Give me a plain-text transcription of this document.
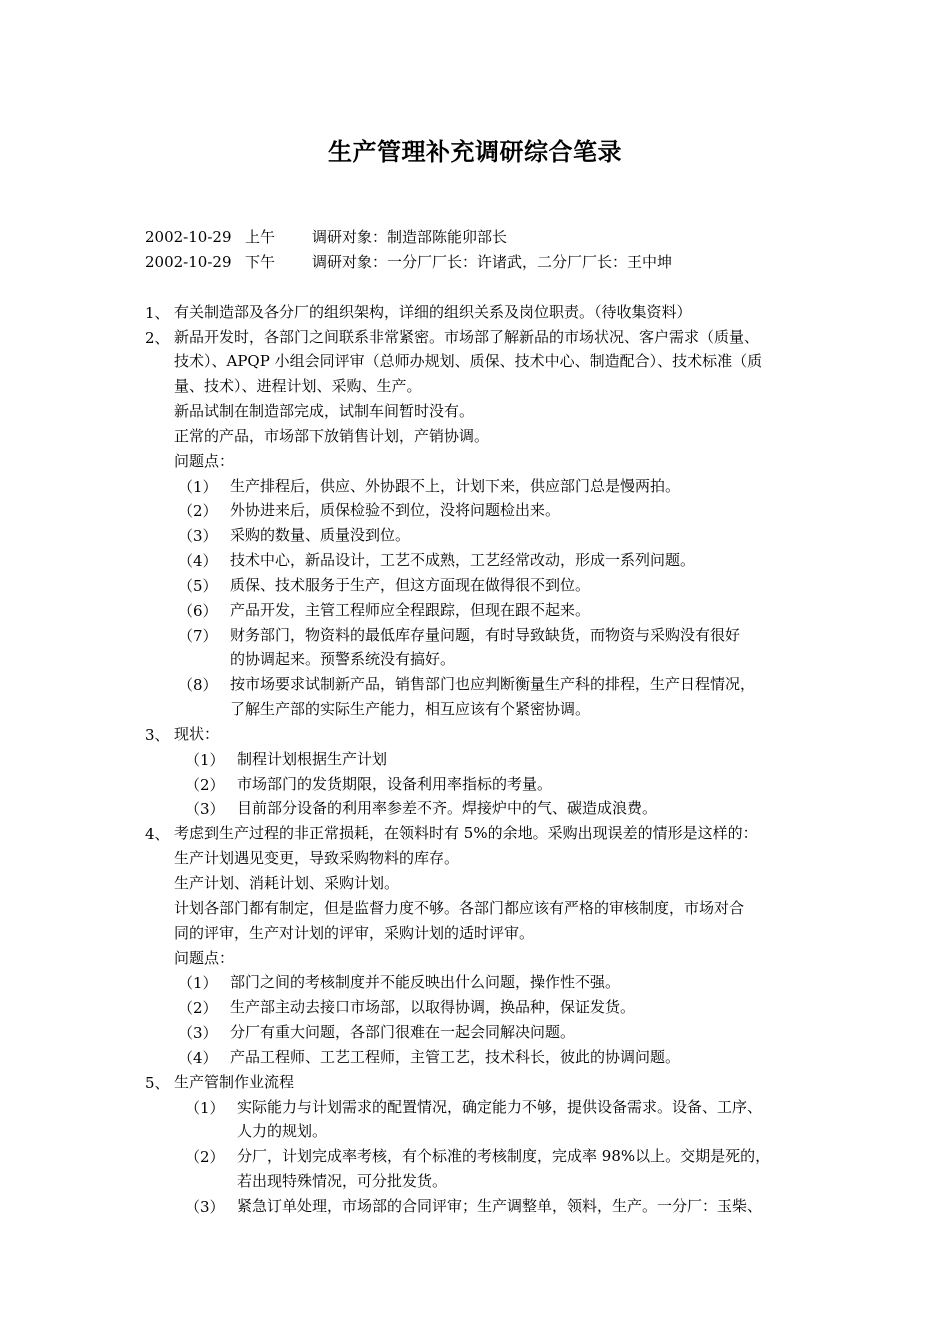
生产管理补充调研综合笔录
2002-10-29 上午 调研对象：制造部陈能卯部长
2002-10-29 下午 调研对象：一分厂厂长：许诸武，二分厂厂长：王中坤
1、 有关制造部及各分厂的组织架构，详细的组织关系及岗位职责。（待收集资料）
2、 新品开发时，各部门之间联系非常紧密。市场部了解新品的市场状况、客户需求（质量、
技术）、APQP 小组会同评审（总师办规划、质保、技术中心、制造配合）、技术标准（质
量、技术）、进程计划、采购、生产。
新品试制在制造部完成，试制车间暂时没有。
正常的产品，市场部下放销售计划，产销协调。
问题点：
（1） 生产排程后，供应、外协跟不上，计划下来，供应部门总是慢两拍。
（2） 外协进来后，质保检验不到位，没将问题检出来。
（3） 采购的数量、质量没到位。
（4） 技术中心，新品设计，工艺不成熟，工艺经常改动，形成一系列问题。
（5） 质保、技术服务于生产，但这方面现在做得很不到位。
（6） 产品开发，主管工程师应全程跟踪，但现在跟不起来。
（7） 财务部门，物资料的最低库存量问题，有时导致缺货，而物资与采购没有很好
的协调起来。预警系统没有搞好。
（8） 按市场要求试制新产品，销售部门也应判断衡量生产科的排程，生产日程情况，
了解生产部的实际生产能力，相互应该有个紧密协调。
3、 现状：
（1） 制程计划根据生产计划
（2） 市场部门的发货期限，设备利用率指标的考量。
（3） 目前部分设备的利用率参差不齐。焊接炉中的气、碳造成浪费。
4、 考虑到生产过程的非正常损耗，在领料时有 5%的余地。采购出现误差的情形是这样的：
生产计划遇见变更，导致采购物料的库存。
生产计划、消耗计划、采购计划。
计划各部门都有制定，但是监督力度不够。各部门都应该有严格的审核制度，市场对合
同的评审，生产对计划的评审，采购计划的适时评审。
问题点：
（1） 部门之间的考核制度并不能反映出什么问题，操作性不强。
（2） 生产部主动去接口市场部，以取得协调，换品种，保证发货。
（3） 分厂有重大问题，各部门很难在一起会同解决问题。
（4） 产品工程师、工艺工程师，主管工艺，技术科长，彼此的协调问题。
5、 生产管制作业流程
（1） 实际能力与计划需求的配置情况，确定能力不够，提供设备需求。设备、工序、
人力的规划。
（2） 分厂，计划完成率考核，有个标准的考核制度，完成率 98%以上。交期是死的，
若出现特殊情况，可分批发货。
（3） 紧急订单处理，市场部的合同评审；生产调整单，领料，生产。一分厂：玉柴、
